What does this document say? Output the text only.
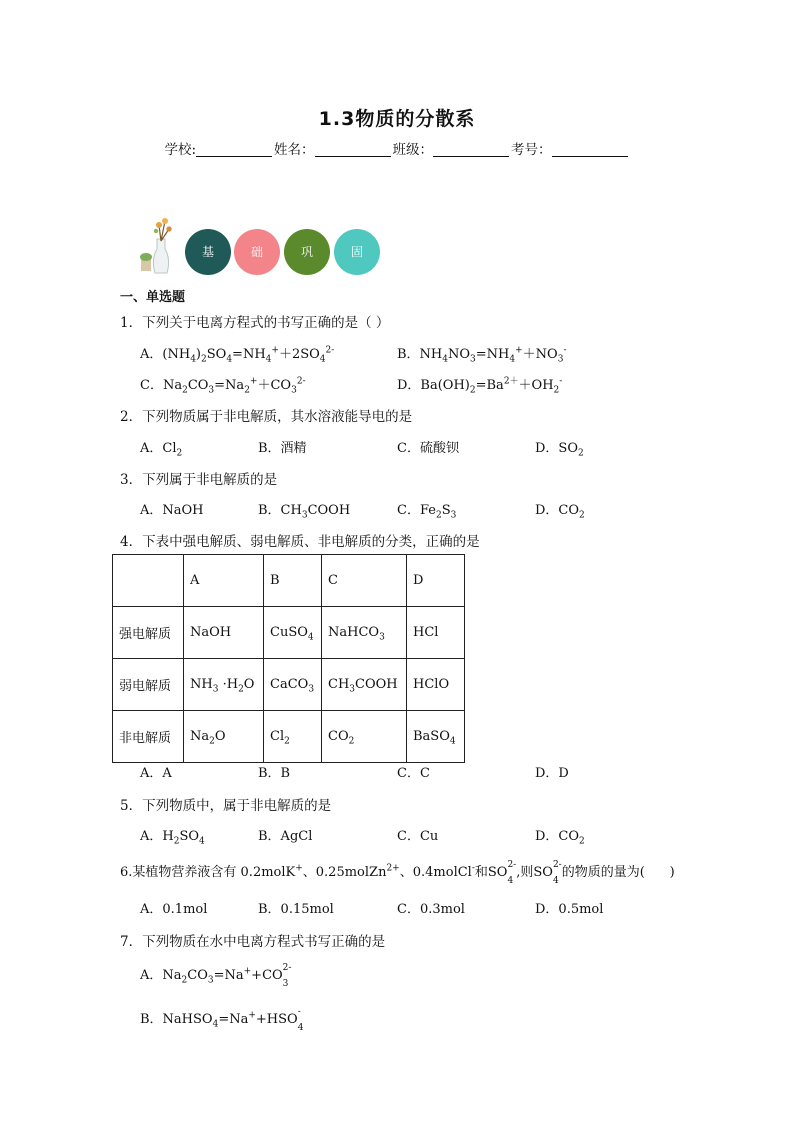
1.3物质的分散系
学校:	姓名：	班级：	考号：
基	础	巩	固
一、单选题
1．下列关于电离方程式的书写正确的是（ ）
A．$(NH_4)_2SO_4=NH_4^++2SO_4^{2-}$	B．$NH_4NO_3=NH_4^++NO_3^-$
C．$Na_2CO_3=Na_2^++CO_3^{2-}$	D．$Ba(OH)_2=Ba^{2+}+OH_2^-$
2．下列物质属于非电解质，其水溶液能导电的是
A．$Cl_2$	B．酒精	C．硫酸钡	D．$SO_2$
3．下列属于非电解质的是
A．NaOH	B．$CH_3COOH$	C．$Fe_2S_3$	D．$CO_2$
4．下表中强电解质、弱电解质、非电解质的分类，正确的是
	A	B	C	D
强电解质	NaOH	CuSO$_4$	NaHCO$_3$	HCl
弱电解质	$NH_3 \cdot H_2O$	CaCO$_3$	$CH_3COOH$	HClO
非电解质	$Na_2O$	$Cl_2$	$CO_2$	BaSO$_4$
A．A	B．B	C．C	D．D
5．下列物质中，属于非电解质的是
A．$H_2SO_4$	B．AgCl	C．Cu	D．$CO_2$
6.某植物营养液含有 0.2molK+、0.25molZn$^{2+}$、0.4molCl-和$SO^{2-}$
$_4$,则$SO^{2-}$
$_4$的物质的量为(      )
A．0.1mol	B．0.15mol	C．0.3mol	D．0.5mol
7．下列物质在水中电离方程式书写正确的是
A．$Na_2CO_3=Na^++CO^{2-}$
$_3$
B．NaHSO$_4$=Na++HSO-
$_4$
